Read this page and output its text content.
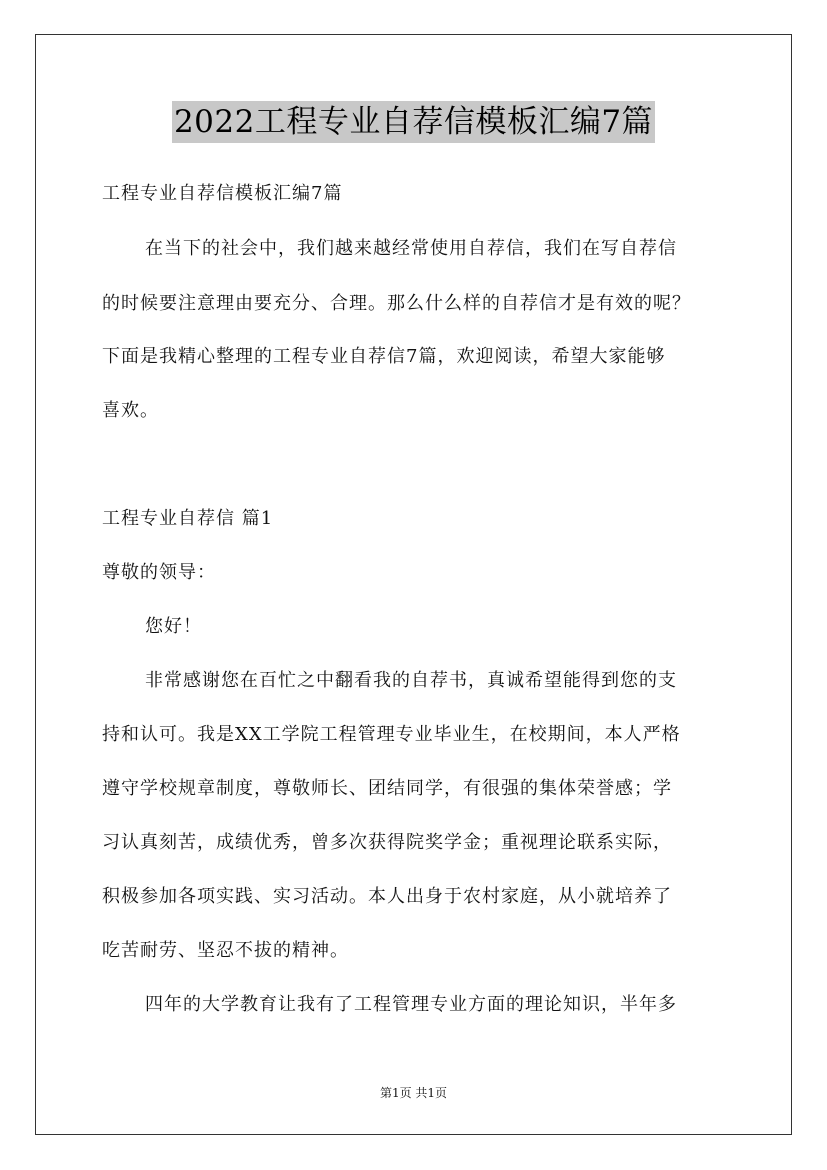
2022工程专业自荐信模板汇编7篇
工程专业自荐信模板汇编7篇
在当下的社会中，我们越来越经常使用自荐信，我们在写自荐信
的时候要注意理由要充分、合理。那么什么样的自荐信才是有效的呢？
下面是我精心整理的工程专业自荐信7篇，欢迎阅读，希望大家能够
喜欢。
工程专业自荐信 篇1
尊敬的领导：
您好！
非常感谢您在百忙之中翻看我的自荐书，真诚希望能得到您的支
持和认可。我是XX工学院工程管理专业毕业生，在校期间，本人严格
遵守学校规章制度，尊敬师长、团结同学，有很强的集体荣誉感；学
习认真刻苦，成绩优秀，曾多次获得院奖学金；重视理论联系实际，
积极参加各项实践、实习活动。本人出身于农村家庭，从小就培养了
吃苦耐劳、坚忍不拔的精神。
四年的大学教育让我有了工程管理专业方面的理论知识，半年多
第1页 共1页
